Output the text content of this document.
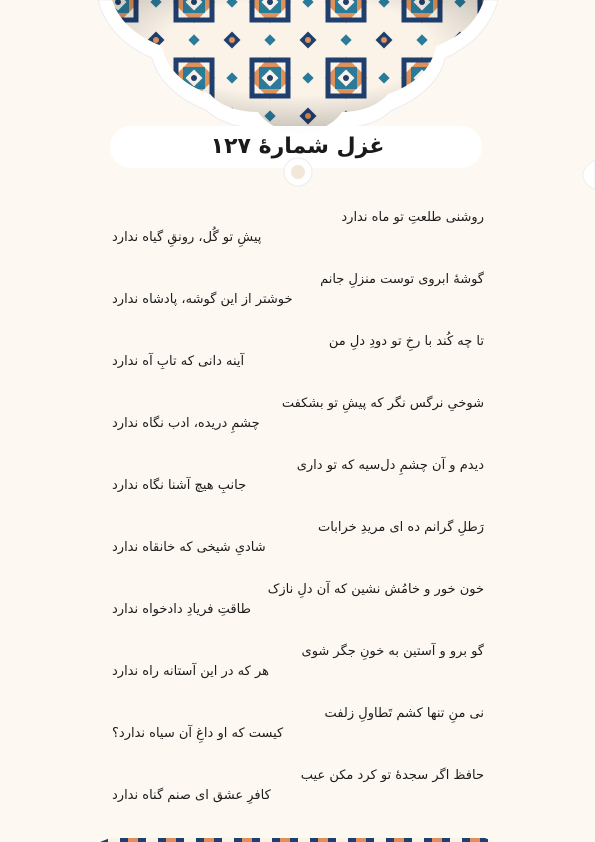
غزل شمارهٔ ۱۲۷
روشنی طلعتِ تو ماه ندارد
پیشِ تو گُل، رونقِ گیاه ندارد
گوشهٔ ابروی توست منزلِ جانم
خوشتر از این گوشه، پادشاه ندارد
تا چه کُند با رخِ تو دودِ دلِ من
آینه دانی که تابِ آه ندارد
شوخیِ نرگس نگر که پیشِ تو بشکفت
چشمِ دریده، ادب نگاه ندارد
دیدم و آن چشمِ دل‌سیه که تو داری
جانبِ هیچ آشنا نگاه ندارد
رَطلِ گرانم ده ای مریدِ خرابات
شادیِ شیخی که خانقاه ندارد
خون خور و خامُش نشین که آن دلِ نازک
طاقتِ فریادِ دادخواه ندارد
گو برو و آستین به خونِ جگر شوی
هر که در این آستانه راه ندارد
نی منِ تنها کشم تَطاولِ زلفت
کیست که او داغِ آن سیاه ندارد؟
حافظ اگر سجدهٔ تو کرد مکن عیب
کافرِ عشق ای صنم گناه ندارد
